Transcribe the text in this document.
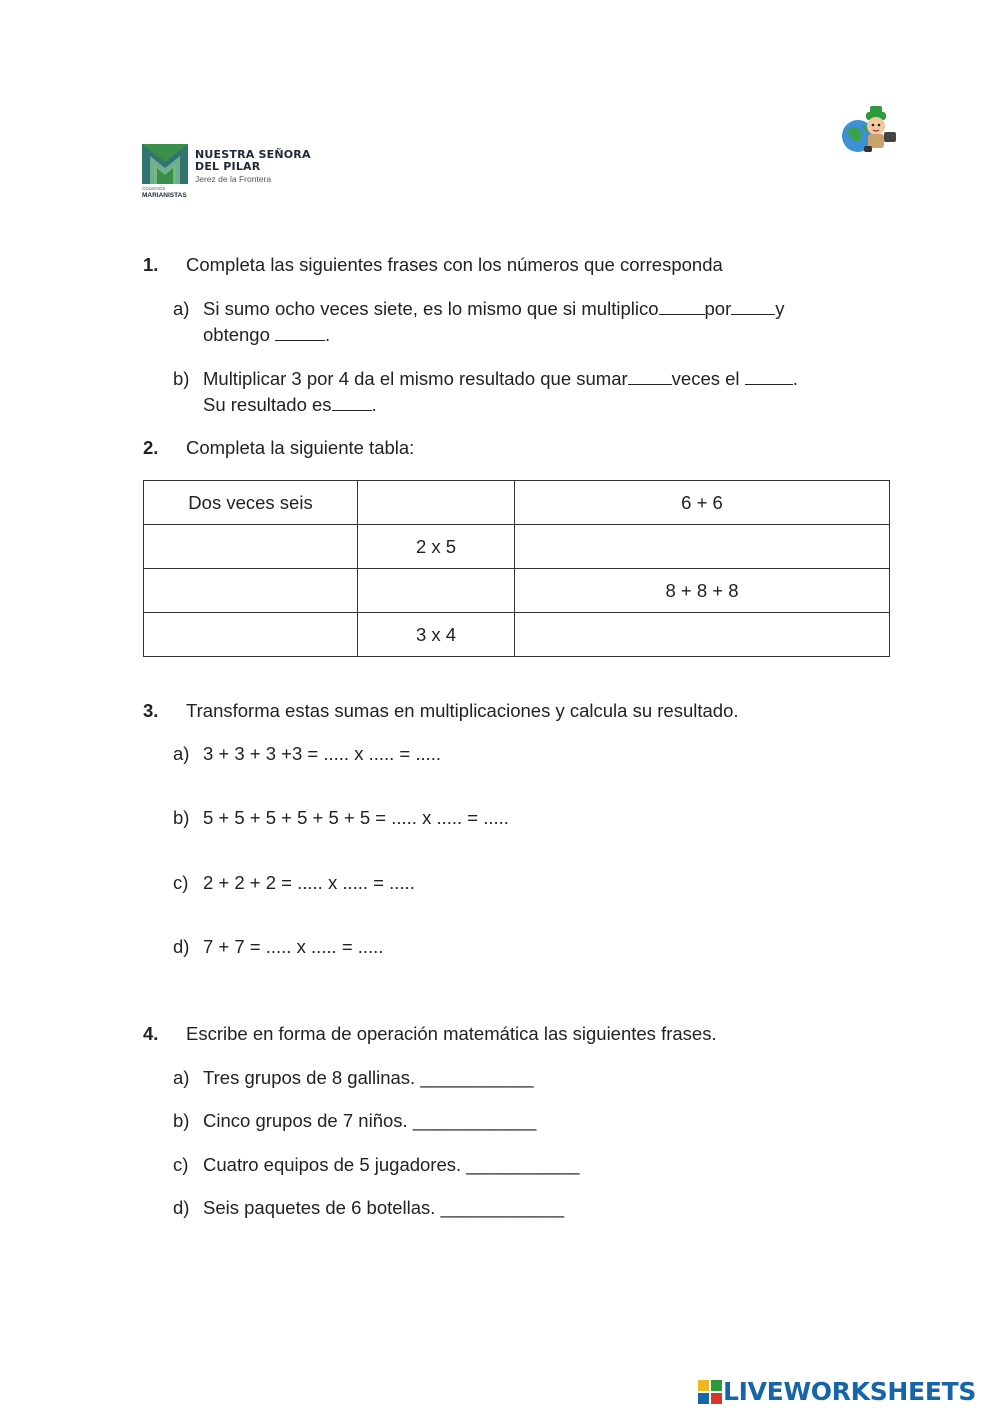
NUESTRA SEÑORA
DEL PILAR
Jerez de la Frontera
COLEGIOS
MARIANISTAS
1. Completa las siguientes frases con los números que corresponda
a) Si sumo ocho veces siete, es lo mismo que si multiplico por y
obtengo	.
b) Multiplicar 3 por 4 da el mismo resultado que sumar veces el	.
Su resultado es .
2. Completa la siguiente tabla:
Dos veces seis		6 + 6
	2 x 5	
		8 + 8 + 8
	3 x 4	
3. Transforma estas sumas en multiplicaciones y calcula su resultado.
a) 3 + 3 + 3 +3 = ..... x ..... = .....
b) 5 + 5 + 5 + 5 + 5 + 5 = ..... x ..... = .....
c) 2 + 2 + 2 = ..... x ..... = .....
d) 7 + 7 = ..... x ..... = .....
4. Escribe en forma de operación matemática las siguientes frases.
a) Tres grupos de 8 gallinas. ___________
b) Cinco grupos de 7 niños. ____________
c) Cuatro equipos de 5 jugadores. ___________
d) Seis paquetes de 6 botellas. ____________
LIVEWORKSHEETS
